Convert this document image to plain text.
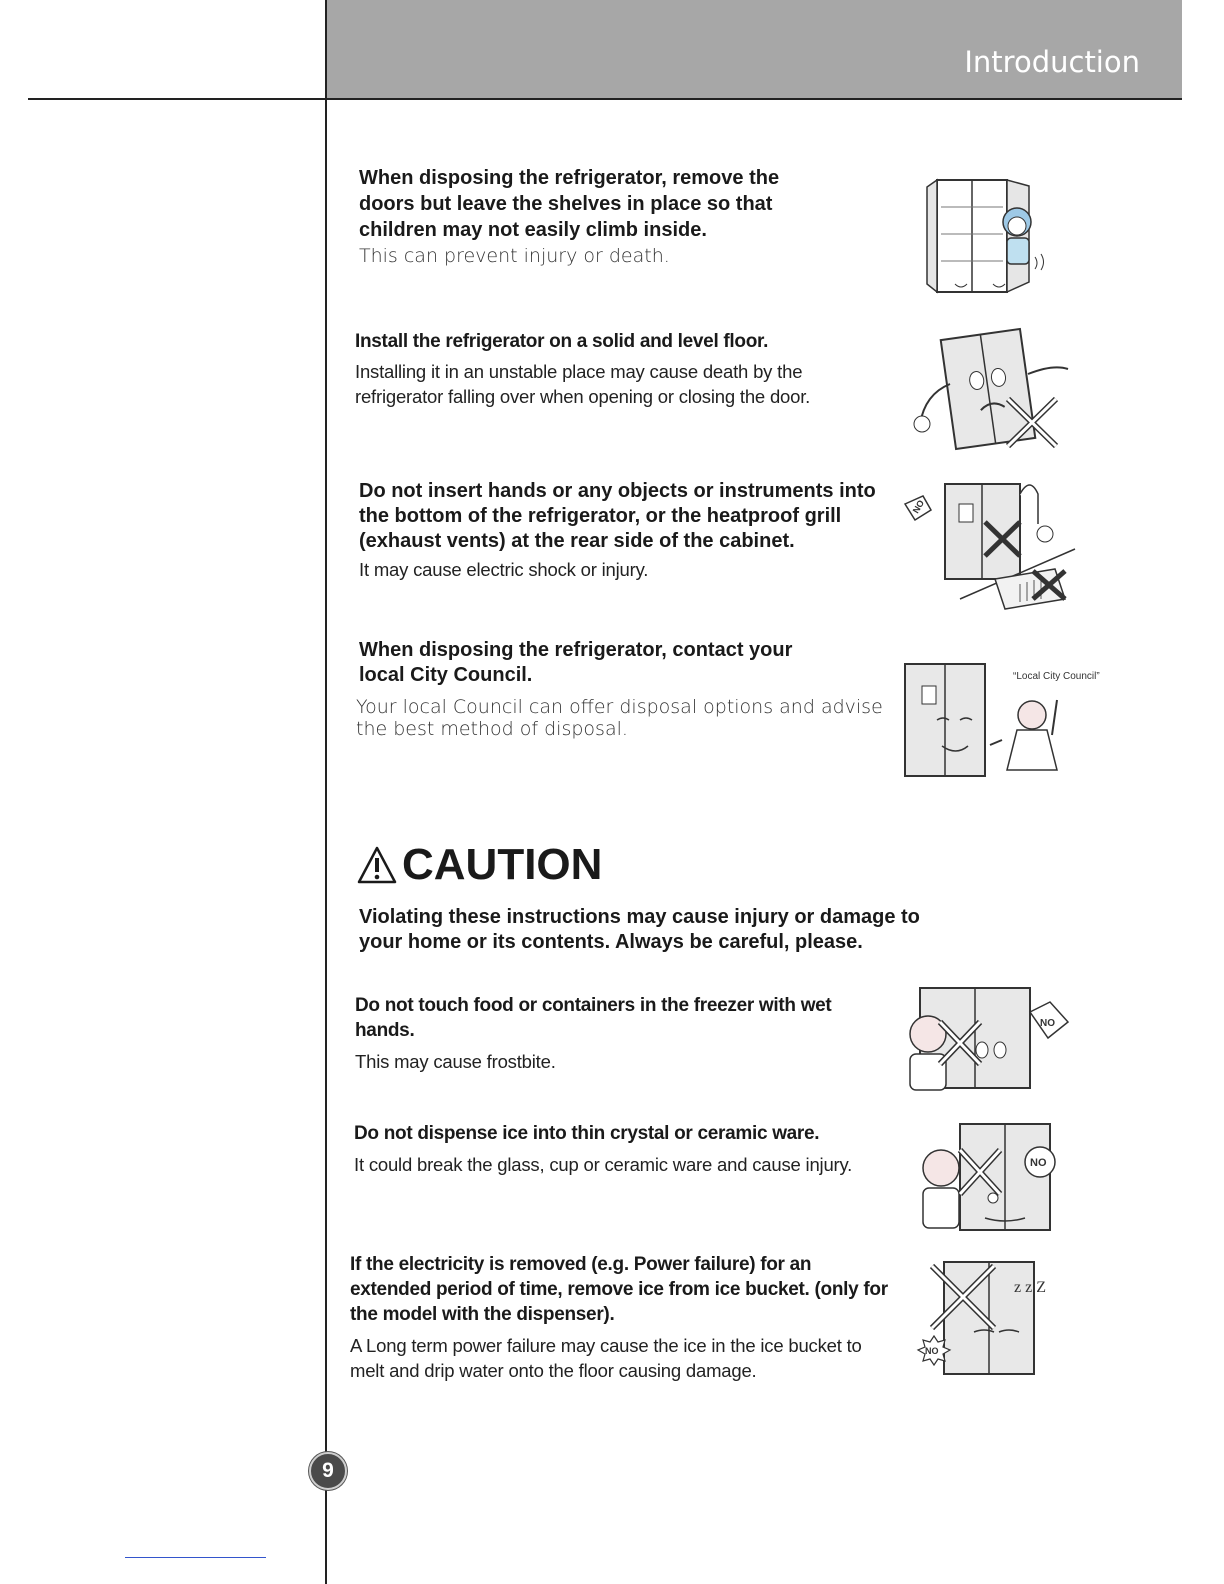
Introduction
9
When disposing the refrigerator, remove the doors but leave the shelves in place so that children may not easily climb inside.
This can prevent injury or death.
Install the refrigerator on a solid and level floor.
Installing it in an unstable place may cause death by the refrigerator falling over when opening or closing the door.
Do not insert hands or any objects or instruments into the bottom of the refrigerator, or the heatproof grill (exhaust vents) at the rear side of the cabinet.
It may cause electric shock or injury.
NO
When disposing the refrigerator, contact your local City Council.
Your local Council can offer disposal options and advise the best method of disposal.
“Local City Council”
CAUTION
Violating these instructions may cause injury or damage to your home or its contents. Always be careful, please.
Do not touch food or containers in the freezer with wet hands.
This may cause frostbite.
NO
Do not dispense ice into thin crystal or ceramic ware.
It could break the glass, cup or ceramic ware and cause injury.	NO
If the electricity is removed (e.g. Power failure) for an extended period of time, remove ice from ice bucket. (only for the model with the dispenser).
A Long term power failure may cause the ice in the ice bucket to melt and drip water onto the floor causing damage.
z z Z
NO
